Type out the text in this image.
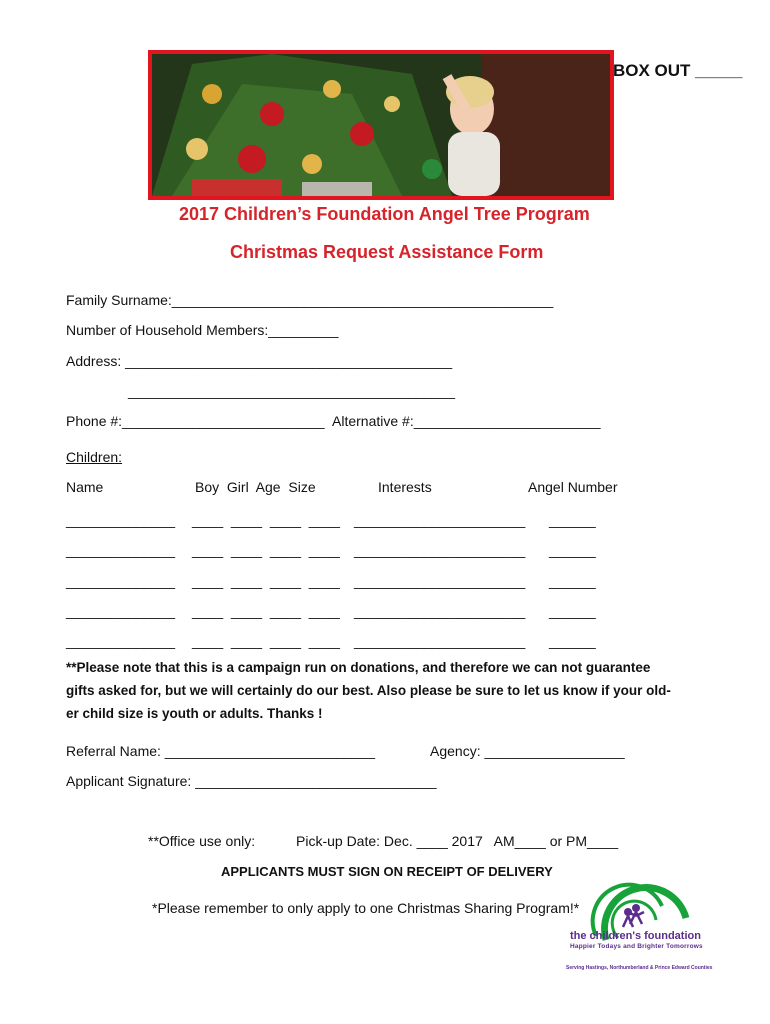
BOX OUT _____
2017 Children’s Foundation Angel Tree Program
Christmas Request Assistance Form
Family Surname:_________________________________________________
Number of Household Members:_________
Address: __________________________________________
__________________________________________
Phone #:__________________________ Alternative #:________________________
Children:
Name	Boy  Girl  Age  Size	Interests	Angel Number
______________ ____  ____  ____  ____ ______________________ ______
______________ ____  ____  ____  ____ ______________________ ______
______________ ____  ____  ____  ____ ______________________ ______
______________ ____  ____  ____  ____ ______________________ ______
______________ ____  ____  ____  ____ ______________________ ______
**Please note that this is a campaign run on donations, and therefore we can not guarantee
gifts asked for, but we will certainly do our best. Also please be sure to let us know if your old-
er child size is youth or adults. Thanks !
Referral Name: ___________________________	Agency: __________________
Applicant Signature: _______________________________
**Office use only:	Pick-up Date: Dec. ____ 2017   AM____ or PM____
APPLICANTS MUST SIGN ON RECEIPT OF DELIVERY
*Please remember to only apply to one Christmas Sharing Program!*
the children's foundation
Happier Todays and Brighter Tomorrows
Serving Hastings, Northumberland & Prince Edward Counties
